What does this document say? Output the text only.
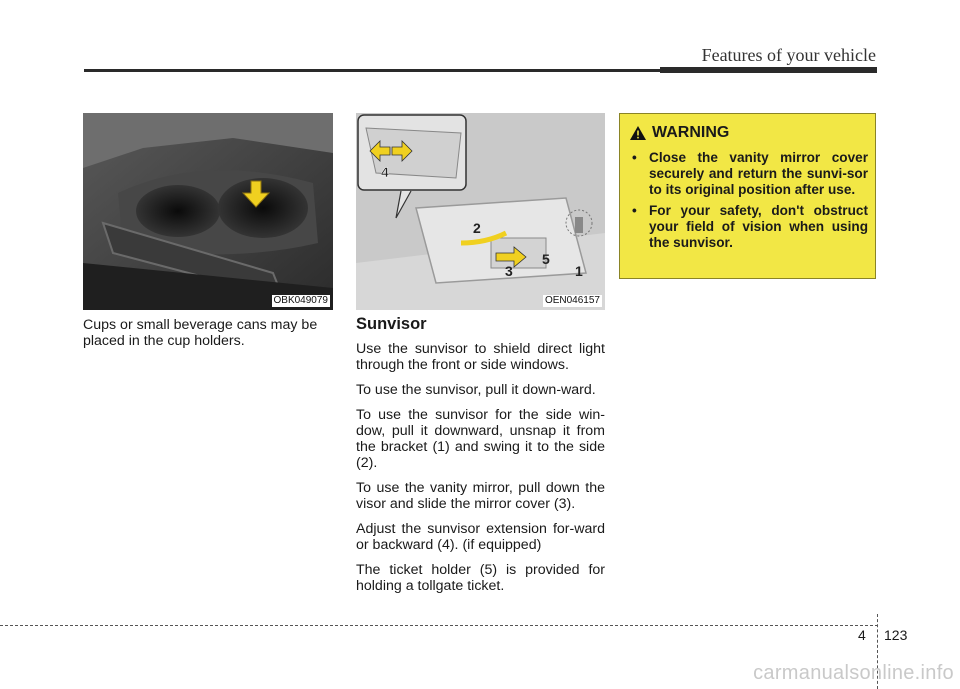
Features of your vehicle
OBK049079
4
2
3
5
1
OEN046157
WARNING
• Close the vanity mirror cover securely and return the sunvi-sor to its original position after use.
• For your safety, don't obstruct your field of vision when using the sunvisor.

Cups or small beverage cans may be placed in the cup holders.

Sunvisor

Use the sunvisor to shield direct light through the front or side windows.

To use the sunvisor, pull it down-ward.

To use the sunvisor for the side win-dow, pull it downward, unsnap it from the bracket (1) and swing it to the side (2).

To use the vanity mirror, pull down the visor and slide the mirror cover (3).

Adjust the sunvisor extension for-ward or backward (4). (if equipped)

The ticket holder (5) is provided for holding a tollgate ticket.

4 123
carmanualsonline.info
